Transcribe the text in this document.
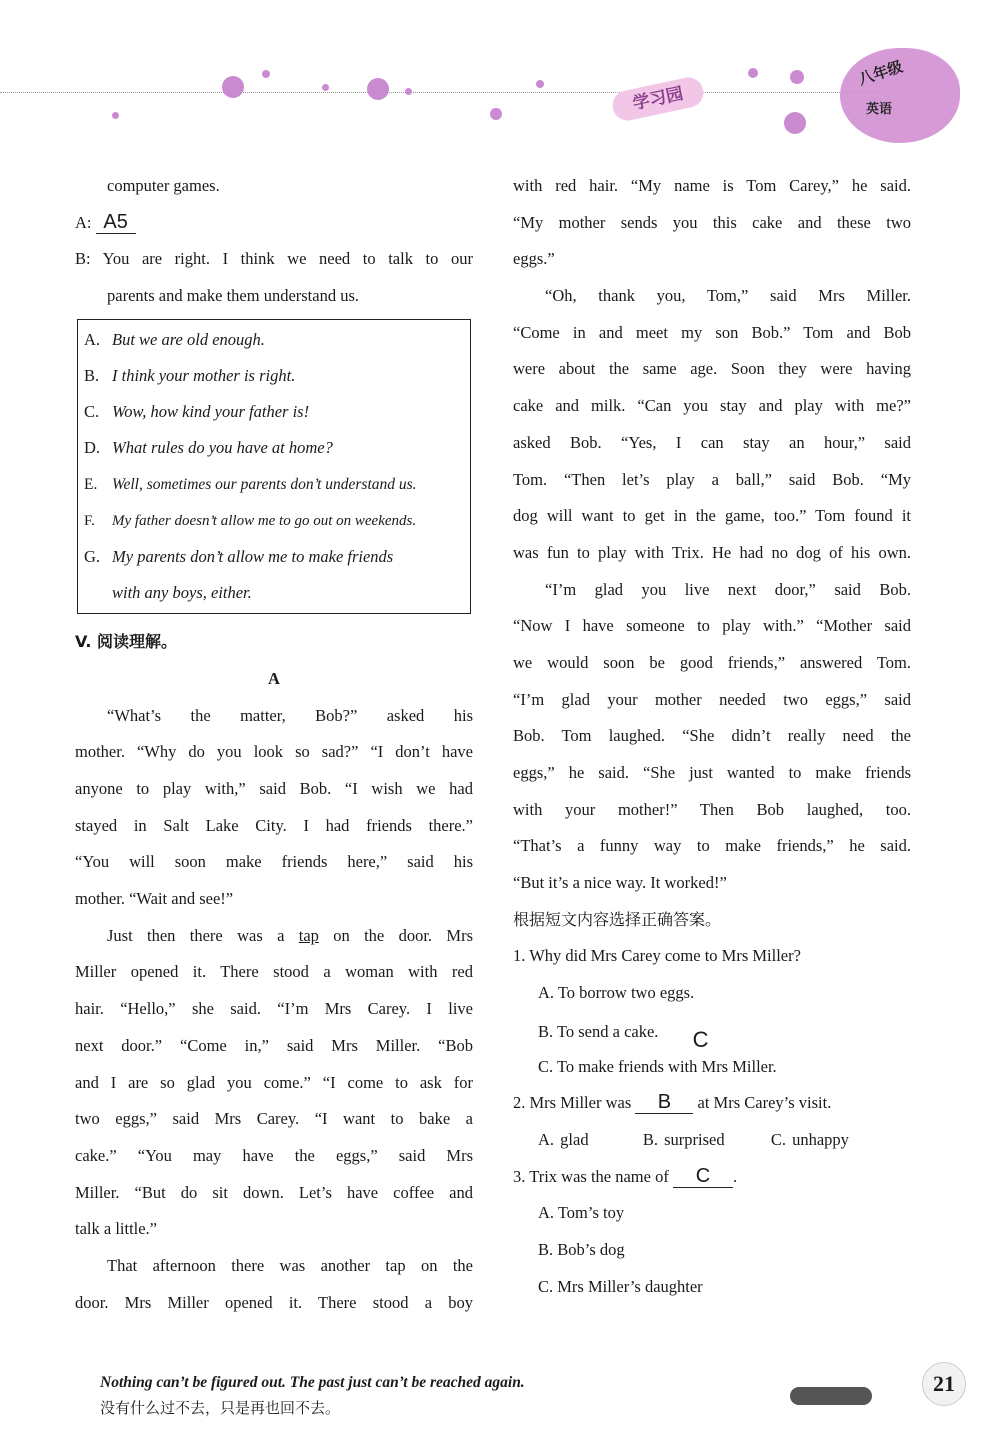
学习园
八年级
英语
computer games.
A: A5
B: You are right. I think we need to talk to our
parents and make them understand us.
A. But we are old enough.
B. I think your mother is right.
C. Wow, how kind your father is!
D. What rules do you have at home?
E. Well, sometimes our parents don’t understand us.
F. My father doesn’t allow me to go out on weekends.
G. My parents don’t allow me to make friends
with any boys, either.
V. 阅读理解。
A
“What’s the matter, Bob?” asked his
mother. “Why do you look so sad?” “I don’t have
anyone to play with,” said Bob. “I wish we had
stayed in Salt Lake City. I had friends there.”
“You will soon make friends here,” said his
mother. “Wait and see!”
Just then there was a tap on the door. Mrs
Miller opened it. There stood a woman with red
hair. “Hello,” she said. “I’m Mrs Carey. I live
next door.” “Come in,” said Mrs Miller. “Bob
and I are so glad you come.” “I come to ask for
two eggs,” said Mrs Carey. “I want to bake a
cake.” “You may have the eggs,” said Mrs
Miller. “But do sit down. Let’s have coffee and
talk a little.”
That afternoon there was another tap on the
door. Mrs Miller opened it. There stood a boy
with red hair. “My name is Tom Carey,” he said.
“My mother sends you this cake and these two
eggs.”
“Oh, thank you, Tom,” said Mrs Miller.
“Come in and meet my son Bob.” Tom and Bob
were about the same age. Soon they were having
cake and milk. “Can you stay and play with me?”
asked Bob. “Yes, I can stay an hour,” said
Tom. “Then let’s play a ball,” said Bob. “My
dog will want to get in the game, too.” Tom found it
was fun to play with Trix. He had no dog of his own.
“I’m glad you live next door,” said Bob.
“Now I have someone to play with.” “Mother said
we would soon be good friends,” answered Tom.
“I’m glad your mother needed two eggs,” said
Bob. Tom laughed. “She didn’t really need the
eggs,” he said. “She just wanted to make friends
with your mother!” Then Bob laughed, too.
“That’s a funny way to make friends,” he said.
“But it’s a nice way. It worked!”
根据短文内容选择正确答案。
1. Why did Mrs Carey come to Mrs Miller?
A. To borrow two eggs.
B. To send a cake. C
C. To make friends with Mrs Miller.
2. Mrs Miller was B at Mrs Carey’s visit.
A. glad	B. surprised	C. unhappy
3. Trix was the name of C .
A. Tom’s toy
B. Bob’s dog
C. Mrs Miller’s daughter
Nothing can’t be figured out. The past just can’t be reached again.
没有什么过不去，只是再也回不去。
21
